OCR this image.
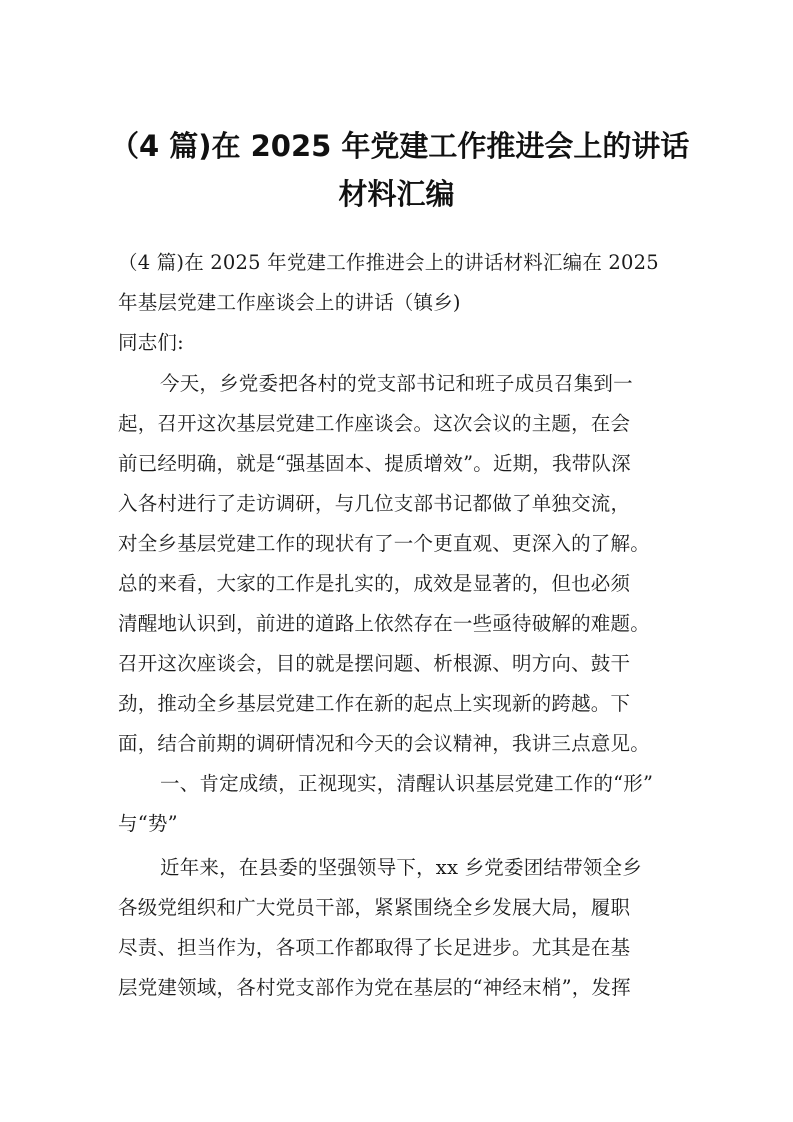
（4 篇)在 2025 年党建工作推进会上的讲话
材料汇编
（4 篇)在 2025 年党建工作推进会上的讲话材料汇编在 2025
年基层党建工作座谈会上的讲话（镇乡)
同志们:
今天，乡党委把各村的党支部书记和班子成员召集到一
起，召开这次基层党建工作座谈会。这次会议的主题，在会
前已经明确，就是“强基固本、提质增效”。近期，我带队深
入各村进行了走访调研，与几位支部书记都做了单独交流，
对全乡基层党建工作的现状有了一个更直观、更深入的了解。
总的来看，大家的工作是扎实的，成效是显著的，但也必须
清醒地认识到，前进的道路上依然存在一些亟待破解的难题。
召开这次座谈会，目的就是摆问题、析根源、明方向、鼓干
劲，推动全乡基层党建工作在新的起点上实现新的跨越。下
面，结合前期的调研情况和今天的会议精神，我讲三点意见。
一、肯定成绩，正视现实，清醒认识基层党建工作的“形”
与“势”
近年来，在县委的坚强领导下，xx 乡党委团结带领全乡
各级党组织和广大党员干部，紧紧围绕全乡发展大局，履职
尽责、担当作为，各项工作都取得了长足进步。尤其是在基
层党建领域，各村党支部作为党在基层的“神经末梢”，发挥
